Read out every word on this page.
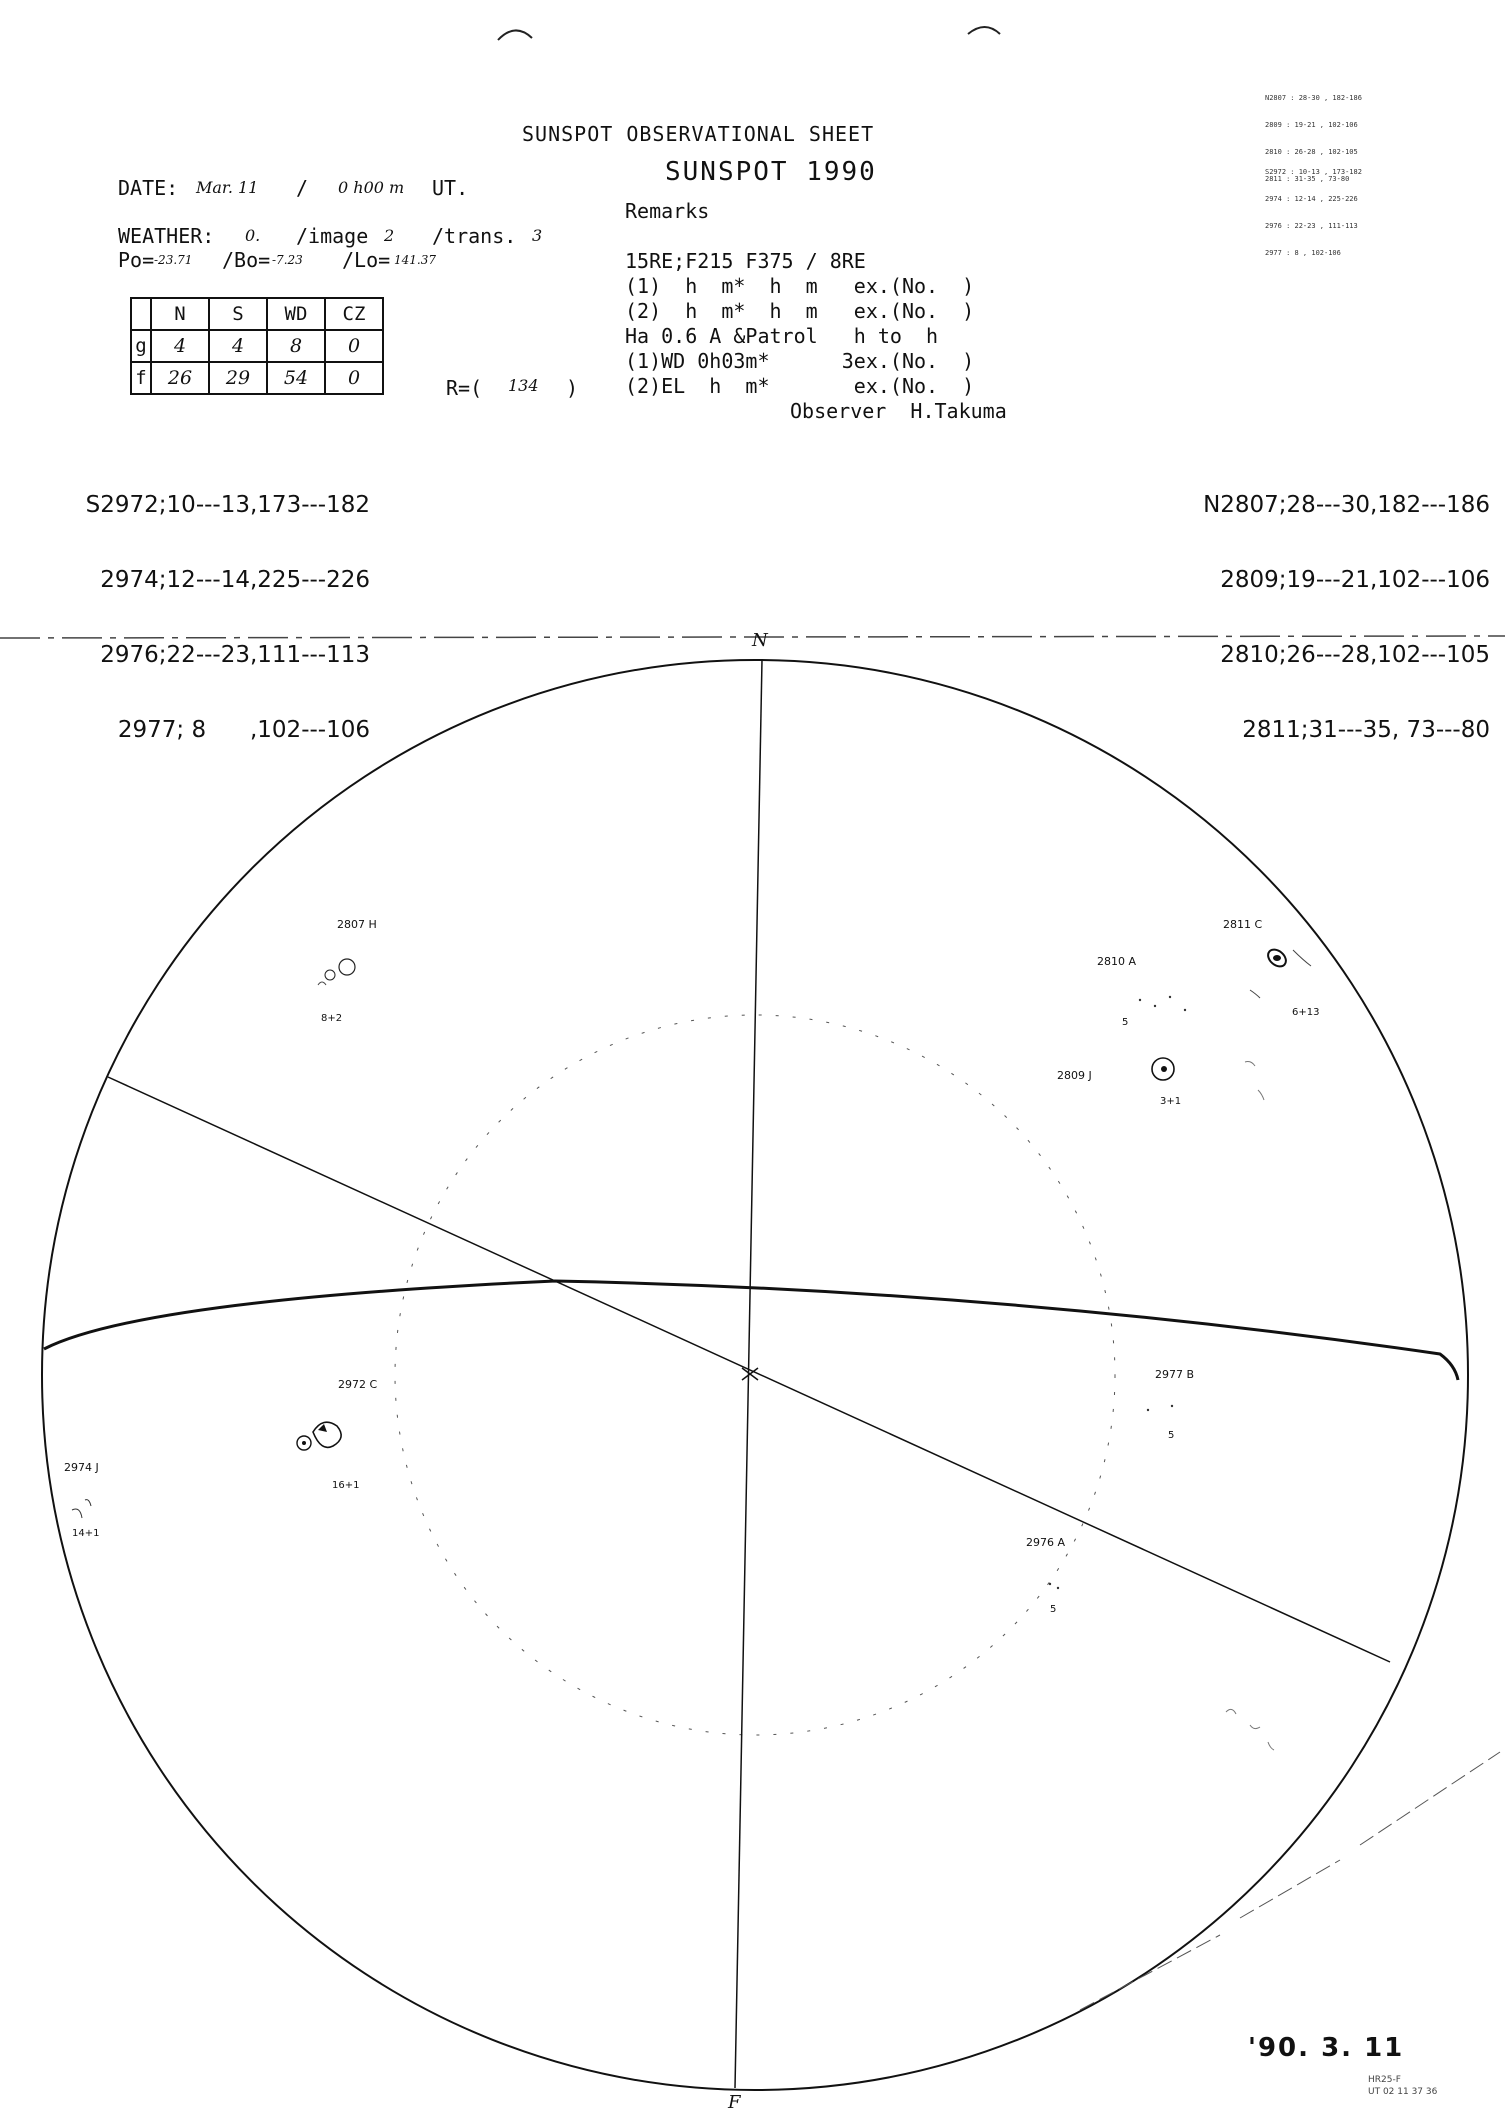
SUNSPOT OBSERVATIONAL SHEET
SUNSPOT 1990

N2807 : 28-30 , 182-186

2809 : 19-21 , 102-106

2810 : 26-28 , 102-105

2811 : 31-35 , 73-80

S2972 : 10-13 , 173-182

2974 : 12-14 , 225-226

2976 : 22-23 , 111-113

2977 : 8 , 102-106

DATE: Mar. 11 / 0 h00 m UT.
WEATHER: 0. /image 2 /trans. 3
Po= -23.71 /Bo= -7.23 /Lo= 141.37
	N	S	WD	CZ
g	4	4	8	0
f	26	29	54	0	R=( 134 )
Remarks
15RE;F215 F375 / 8RE
(1)  h  m*  h  m   ex.(No.  )
(2)  h  m*  h  m   ex.(No.  )
Ha 0.6 A &Patrol   h to  h
(1)WD 0h03m*      3ex.(No.  )
(2)EL  h  m*       ex.(No.  )
Observer  H.Takuma

S2972;10---13,173---182

2974;12---14,225---226

2976;22---23,111---113

2977; 8      ,102---106

N2807;28---30,182---186

2809;19---21,102---106

2810;26---28,102---105

2811;31---35, 73---80

N
F
2807 H
8+2
2810 A
5
2811 C
6+13
2809 J
3+1
2972 C
16+1
2974 J
14+1
2977 B
5
2976 A
5
'90. 3. 11
HR25-F
UT 02 11 37 36
